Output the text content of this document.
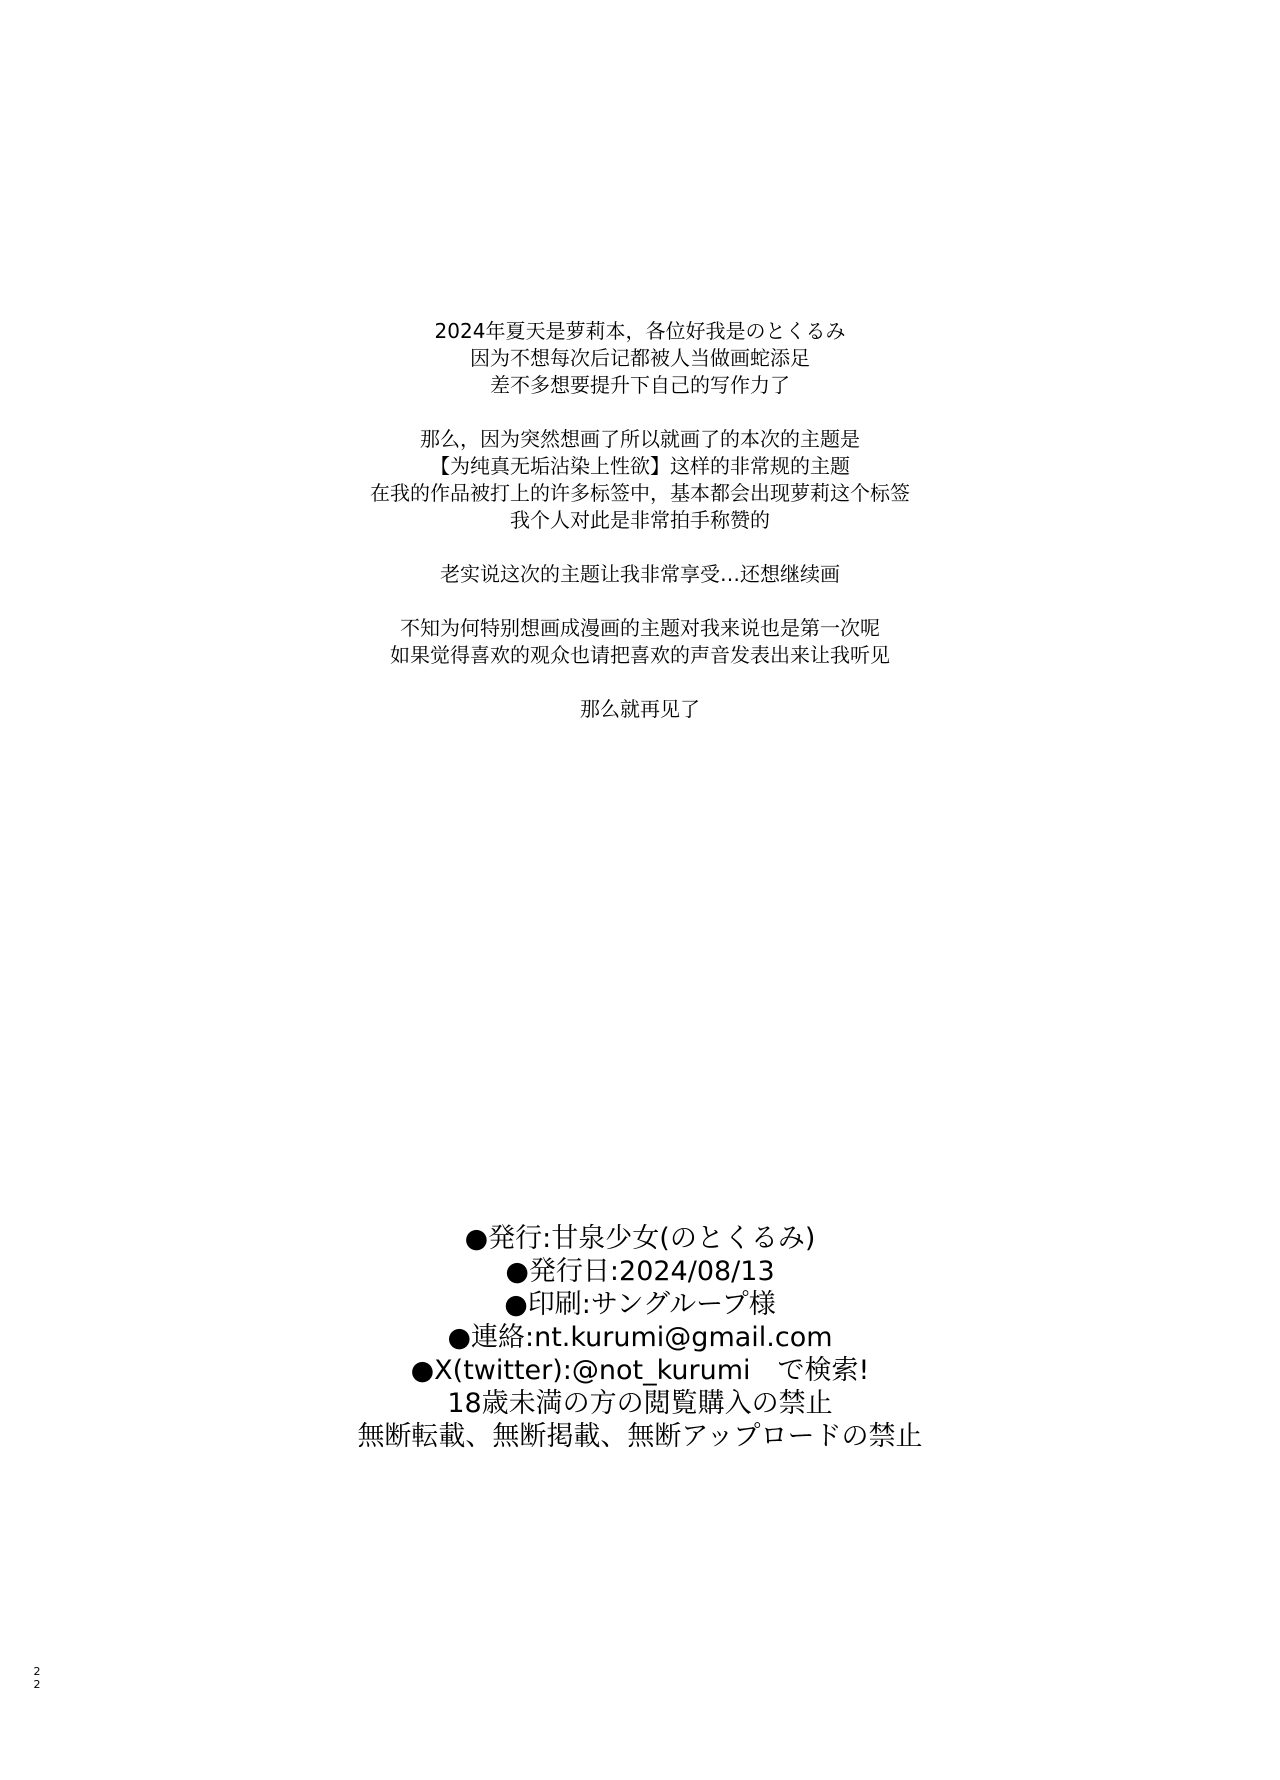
2024年夏天是萝莉本，各位好我是のとくるみ
因为不想每次后记都被人当做画蛇添足
差不多想要提升下自己的写作力了
那么，因为突然想画了所以就画了的本次的主题是
【为纯真无垢沾染上性欲】这样的非常规的主题
在我的作品被打上的许多标签中，基本都会出现萝莉这个标签
我个人对此是非常拍手称赞的
老实说这次的主题让我非常享受…还想继续画
不知为何特别想画成漫画的主题对我来说也是第一次呢
如果觉得喜欢的观众也请把喜欢的声音发表出来让我听见
那么就再见了
●発行:甘泉少女(のとくるみ)
●発行日:2024/08/13
●印刷:サングループ様
●連絡:nt.kurumi@gmail.com
●X(twitter):@not_kurumi　で検索!
18歳未満の方の閲覧購入の禁止
無断転載、無断掲載、無断アップロードの禁止
2
2
